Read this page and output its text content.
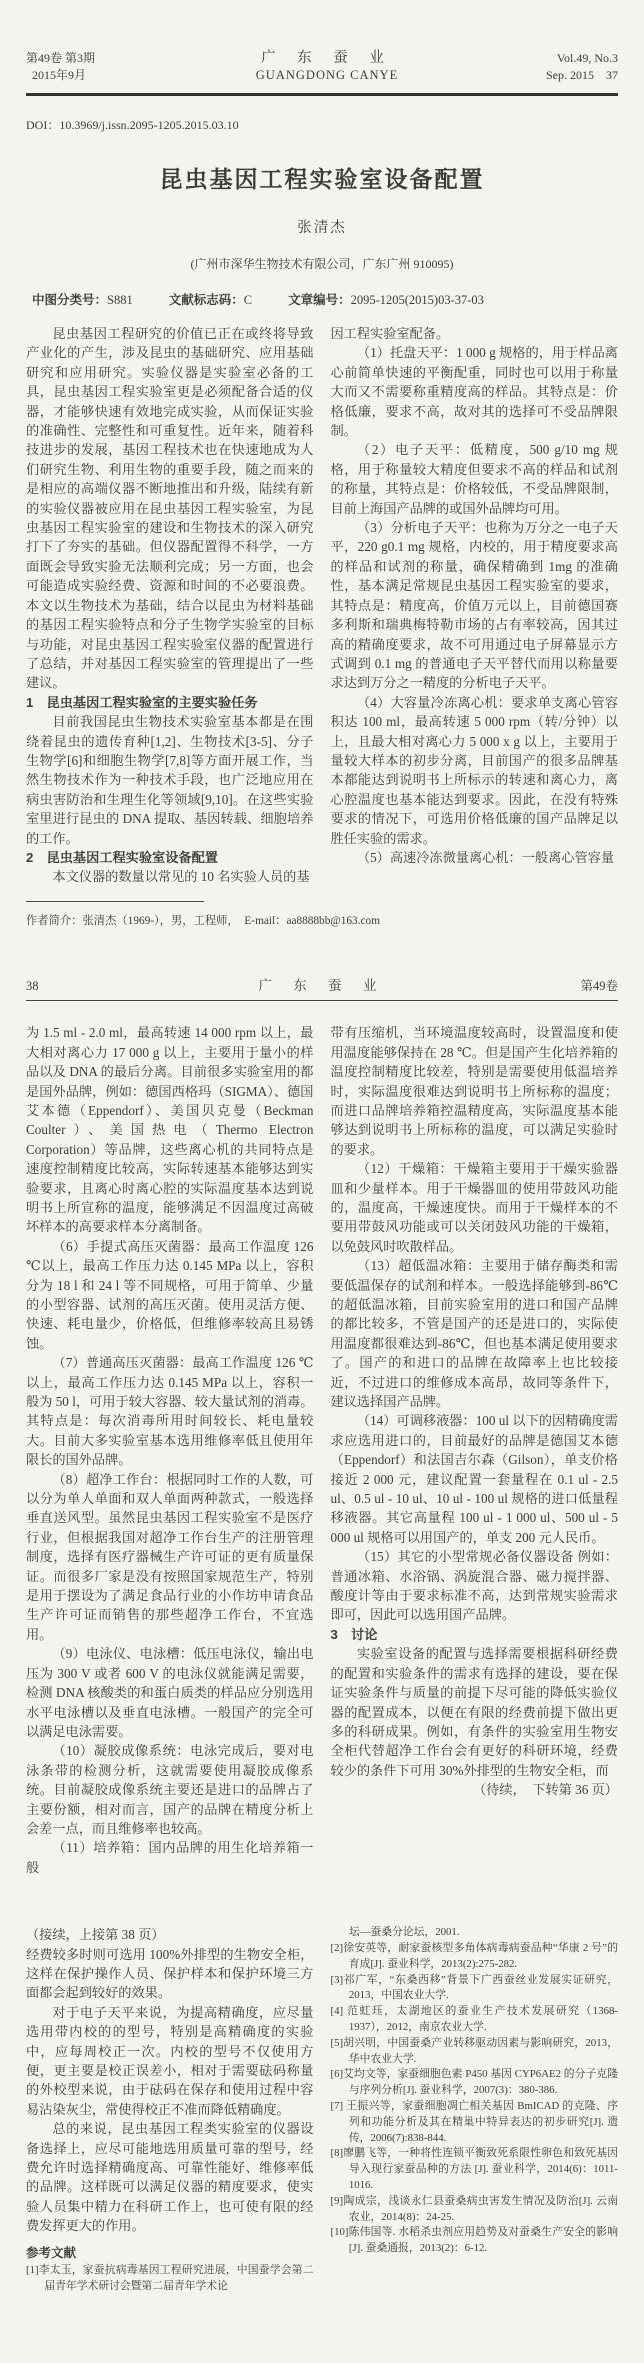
第49卷 第3期
2015年9月
广 东 蚕 业
GUANGDONG CANYE
Vol.49, No.3
Sep. 2015　37
DOI：10.3969/j.issn.2095-1205.2015.03.10
昆虫基因工程实验室设备配置
张清杰
(广州市深华生物技术有限公司，广东广州 910095)
中图分类号：S881	文献标志码：C	文章编号：2095-1205(2015)03-37-03

昆虫基因工程研究的价值已正在或终将导致产业化的产生，涉及昆虫的基础研究、应用基础研究和应用研究。实验仪器是实验室必备的工具，昆虫基因工程实验室更是必须配备合适的仪器，才能够快速有效地完成实验，从而保证实验的准确性、完整性和可重复性。近年来，随着科技进步的发展，基因工程技术也在快速地成为人们研究生物、利用生物的重要手段，随之而来的是相应的高端仪器不断地推出和升级，陆续有新的实验仪器被应用在昆虫基因工程实验室，为昆虫基因工程实验室的建设和生物技术的深入研究打下了夯实的基础。但仪器配置得不科学，一方面既会导致实验无法顺利完成；另一方面，也会可能造成实验经费、资源和时间的不必要浪费。本文以生物技术为基础，结合以昆虫为材料基础的基因工程实验特点和分子生物学实验室的目标与功能，对昆虫基因工程实验室仪器的配置进行了总结，并对基因工程实验室的管理提出了一些建议。

1　昆虫基因工程实验室的主要实验任务

目前我国昆虫生物技术实验室基本都是在围绕着昆虫的遗传育种[1,2]、生物技术[3-5]、分子生物学[6]和细胞生物学[7,8]等方面开展工作，当然生物技术作为一种技术手段，也广泛地应用在病虫害防治和生理生化等领域[9,10]。在这些实验室里进行昆虫的 DNA 提取、基因转载、细胞培养的工作。

2　昆虫基因工程实验室设备配置

本文仪器的数量以常见的 10 名实验人员的基

因工程实验室配备。

（1）托盘天平：1 000 g 规格的，用于样品离心前简单快速的平衡配重，同时也可以用于称量大而又不需要称重精度高的样品。其特点是：价格低廉，要求不高，故对其的选择可不受品牌限制。

（2）电子天平：低精度，500 g/10 mg 规格，用于称量较大精度但要求不高的样品和试剂的称量，其特点是：价格较低，不受品牌限制，目前上海国产品牌的或国外品牌均可用。

（3）分析电子天平：也称为万分之一电子天平，220 g0.1 mg 规格，内校的，用于精度要求高的样品和试剂的称量，确保精确到 1mg 的准确性，基本满足常规昆虫基因工程实验室的要求，其特点是：精度高，价值万元以上，目前德国赛多利斯和瑞典梅特勒市场的占有率较高，因其过高的精确度要求，故不可用通过电子屏幕显示方式调到 0.1 mg 的普通电子天平替代而用以称量要求达到万分之一精度的分析电子天平。

（4）大容量冷冻离心机：要求单支离心管容积达 100 ml，最高转速 5 000 rpm（转/分钟）以上，且最大相对离心力 5 000 x g 以上，主要用于量较大样本的初步分离，目前国产的很多品牌基本都能达到说明书上所标示的转速和离心力，离心腔温度也基本能达到要求。因此，在没有特殊要求的情况下，可选用价格低廉的国产品牌足以胜任实验的需求。

（5）高速冷冻微量离心机：一般离心管容量

作者简介：张清杰（1969-），男，工程师，　E-mail：aa8888bb@163.com
38	广 东 蚕 业	第49卷

为 1.5 ml - 2.0 ml，最高转速 14 000 rpm 以上，最大相对离心力 17 000 g 以上，主要用于量小的样品以及 DNA 的最后分离。目前很多实验室用的都是国外品牌，例如：德国西格玛（SIGMA）、德国艾本德（Eppendorf）、美国贝克曼（Beckman Coulter）、美国热电（Thermo Electron Corporation）等品牌，这些离心机的共同特点是速度控制精度比较高，实际转速基本能够达到实验要求，且离心时离心腔的实际温度基本达到说明书上所宣称的温度，能够满足不因温度过高破坏样本的高要求样本分离制备。

（6）手提式高压灭菌器：最高工作温度 126 ℃以上，最高工作压力达 0.145 MPa 以上，容积分为 18 l 和 24 l 等不同规格，可用于简单、少量的小型容器、试剂的高压灭菌。使用灵活方便、快速、耗电量少，价格低，但维修率较高且易锈蚀。

（7）普通高压灭菌器：最高工作温度 126 ℃以上，最高工作压力达 0.145 MPa 以上，容积一般为 50 l，可用于较大容器、较大量试剂的消毒。其特点是：每次消毒所用时间较长、耗电量较大。目前大多实验室基本选用维修率低且使用年限长的国外品牌。

（8）超净工作台：根据同时工作的人数，可以分为单人单面和双人单面两种款式，一般选择垂直送风型。虽然昆虫基因工程实验室不是医疗行业，但根据我国对超净工作台生产的注册管理制度，选择有医疗器械生产许可证的更有质量保证。而很多厂家是没有按照国家规范生产，特别是用于摆设为了满足食品行业的小作坊申请食品生产许可证而销售的那些超净工作台，不宜选用。

（9）电泳仪、电泳槽：低压电泳仪，输出电压为 300 V 或者 600 V 的电泳仪就能满足需要，检测 DNA 核酸类的和蛋白质类的样品应分别选用水平电泳槽以及垂直电泳槽。一般国产的完全可以满足电泳需要。

（10）凝胶成像系统：电泳完成后，要对电泳条带的检测分析，这就需要使用凝胶成像系统。目前凝胶成像系统主要还是进口的品牌占了主要份额，相对而言，国产的品牌在精度分析上会差一点，而且维修率也较高。

（11）培养箱：国内品牌的用生化培养箱一般

带有压缩机，当环境温度较高时，设置温度和使用温度能够保持在 28 ℃。但是国产生化培养箱的温度控制精度比较差，特别是需要使用低温培养时，实际温度很难达到说明书上所标称的温度；而进口品牌培养箱控温精度高，实际温度基本能够达到说明书上所标称的温度，可以满足实验时的要求。

（12）干燥箱：干燥箱主要用于干燥实验器皿和少量样本。用于干燥器皿的使用带鼓风功能的，温度高，干燥速度快。而用于干燥样本的不要用带鼓风功能或可以关闭鼓风功能的干燥箱，以免鼓风时吹散样品。

（13）超低温冰箱：主要用于储存酶类和需要低温保存的试剂和样本。一般选择能够到-86℃的超低温冰箱，目前实验室用的进口和国产品牌的都比较多，不管是国产的还是进口的，实际使用温度都很难达到-86℃，但也基本满足使用要求了。国产的和进口的品牌在故障率上也比较接近，不过进口的维修成本高昂，故同等条件下，建议选择国产品牌。

（14）可调移液器：100 ul 以下的因精确度需求应选用进口的，目前最好的品牌是德国艾本德（Eppendorf）和法国吉尔森（Gilson），单支价格接近 2 000 元，建议配置一套量程在 0.1 ul - 2.5 ul、0.5 ul - 10 ul、10 ul - 100 ul 规格的进口低量程移液器。其它高量程 100 ul - 1 000 ul、500 ul - 5 000 ul 规格可以用国产的，单支 200 元人民币。

（15）其它的小型常规必备仪器设备 例如：普通冰箱、水浴锅、涡旋混合器、磁力搅拌器、酸度计等由于要求标准不高，达到常规实验需求即可，因此可以选用国产品牌。

3　讨论

实验室设备的配置与选择需要根据科研经费的配置和实验条件的需求有选择的建设，要在保证实验条件与质量的前提下尽可能的降低实验仪器的配置成本，以便在有限的经费前提下做出更多的科研成果。例如，有条件的实验室用生物安全柜代替超净工作台会有更好的科研环境，经费较少的条件下可用 30%外排型的生物安全柜，而

（待续，　下转第 36 页）

（接续，上接第 38 页）

经费较多时则可选用 100%外排型的生物安全柜，这样在保护操作人员、保护样本和保护环境三方面都会起到较好的效果。

对于电子天平来说，为提高精确度，应尽量选用带内校的的型号，特别是高精确度的实验中，应每周校正一次。内校的型号不仅使用方便，更主要是校正误差小，相对于需要砝码称量的外校型来说，由于砝码在保存和使用过程中容易沾染灰尘，常使得校正不准而降低精确度。

总的来说，昆虫基因工程类实验室的仪器设备选择上，应尽可能地选用质量可靠的型号，经费允许时选择精确度高、可靠性能好、维修率低的品牌。这样既可以满足仪器的精度要求，使实验人员集中精力在科研工作上，也可使有限的经费发挥更大的作用。

参考文献

[1]李太玉，家蚕抗病毒基因工程研究进展，中国蚕学会第二届青年学术研讨会暨第二届青年学术论

坛—蚕桑分论坛，2001.

[2]徐安英等，耐家蚕核型多角体病毒病蚕品种“华康 2 号”的育成[J]. 蚕业科学，2013(2):275-282.

[3]祁广军，“东桑西移”背景下广西蚕丝业发展实证研究，2013，中国农业大学.

[4] 范虹珏，太湖地区的蚕业生产技术发展研究（1368-1937），2012，南京农业大学.

[5]胡兴明，中国蚕桑产业转移驱动因素与影响研究，2013，华中农业大学.

[6]艾均文等，家蚕细胞色素 P450 基因 CYP6AE2 的分子克隆与序列分析[J]. 蚕业科学，2007(3)：380-386.

[7] 王振兴等，家蚕细胞凋亡相关基因 BmICAD 的克隆、序列和功能分析及其在精巢中特异表达的初步研究[J]. 遗传，2006(7):838-844.

[8]廖鹏飞等，一种将性连锁平衡致死系限性卵色和致死基因导入现行家蚕品种的方法 [J]. 蚕业科学，2014(6)：1011-1016.

[9]陶成宗，浅谈永仁县蚕桑病虫害发生情况及防治[J]. 云南农业，2014(8)：24-25.

[10]陈伟国等. 水稻杀虫剂应用趋势及对蚕桑生产安全的影响[J]. 蚕桑通报，2013(2)：6-12.
